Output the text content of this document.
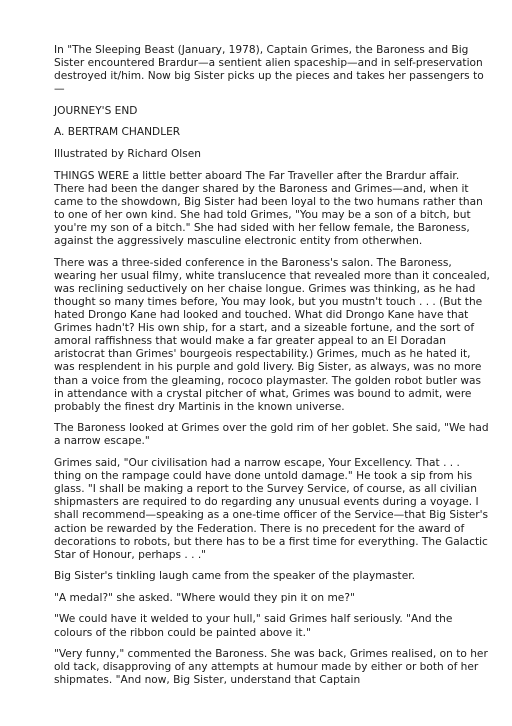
In "The Sleeping Beast (January, 1978), Captain Grimes, the Baroness and Big Sister encountered Brardur—a sentient alien spaceship—and in self-preservation destroyed it/him. Now big Sister picks up the pieces and takes her passengers to—

JOURNEY'S END

A. BERTRAM CHANDLER

Illustrated by Richard Olsen

THINGS WERE a little better aboard The Far Traveller after the Brardur affair. There had been the danger shared by the Baroness and Grimes—and, when it came to the showdown, Big Sister had been loyal to the two humans rather than to one of her own kind. She had told Grimes, "You may be a son of a bitch, but you're my son of a bitch." She had sided with her fellow female, the Baroness, against the aggressively masculine electronic entity from otherwhen.

There was a three-sided conference in the Baroness's salon. The Baroness, wearing her usual filmy, white translucence that revealed more than it concealed, was reclining seductively on her chaise longue. Grimes was thinking, as he had thought so many times before, You may look, but you mustn't touch . . . (But the hated Drongo Kane had looked and touched. What did Drongo Kane have that Grimes hadn't? His own ship, for a start, and a sizeable fortune, and the sort of amoral raffishness that would make a far greater appeal to an El Doradan aristocrat than Grimes' bourgeois respectability.) Grimes, much as he hated it, was resplendent in his purple and gold livery. Big Sister, as always, was no more than a voice from the gleaming, rococo playmaster. The golden robot butler was in attendance with a crystal pitcher of what, Grimes was bound to admit, were probably the finest dry Martinis in the known universe.

The Baroness looked at Grimes over the gold rim of her goblet. She said, "We had a narrow escape."

Grimes said, "Our civilisation had a narrow escape, Your Excellency. That . . . thing on the rampage could have done untold damage." He took a sip from his glass. "I shall be making a report to the Survey Service, of course, as all civilian shipmasters are required to do regarding any unusual events during a voyage. I shall recommend—speaking as a one-time officer of the Service—that Big Sister's action be rewarded by the Federation. There is no precedent for the award of decorations to robots, but there has to be a first time for everything. The Galactic Star of Honour, perhaps . . ."

Big Sister's tinkling laugh came from the speaker of the playmaster.

"A medal?" she asked. "Where would they pin it on me?"

"We could have it welded to your hull," said Grimes half seriously. "And the colours of the ribbon could be painted above it."

"Very funny," commented the Baroness. She was back, Grimes realised, on to her old tack, disapproving of any attempts at humour made by either or both of her shipmates. "And now, Big Sister, understand that Captain
